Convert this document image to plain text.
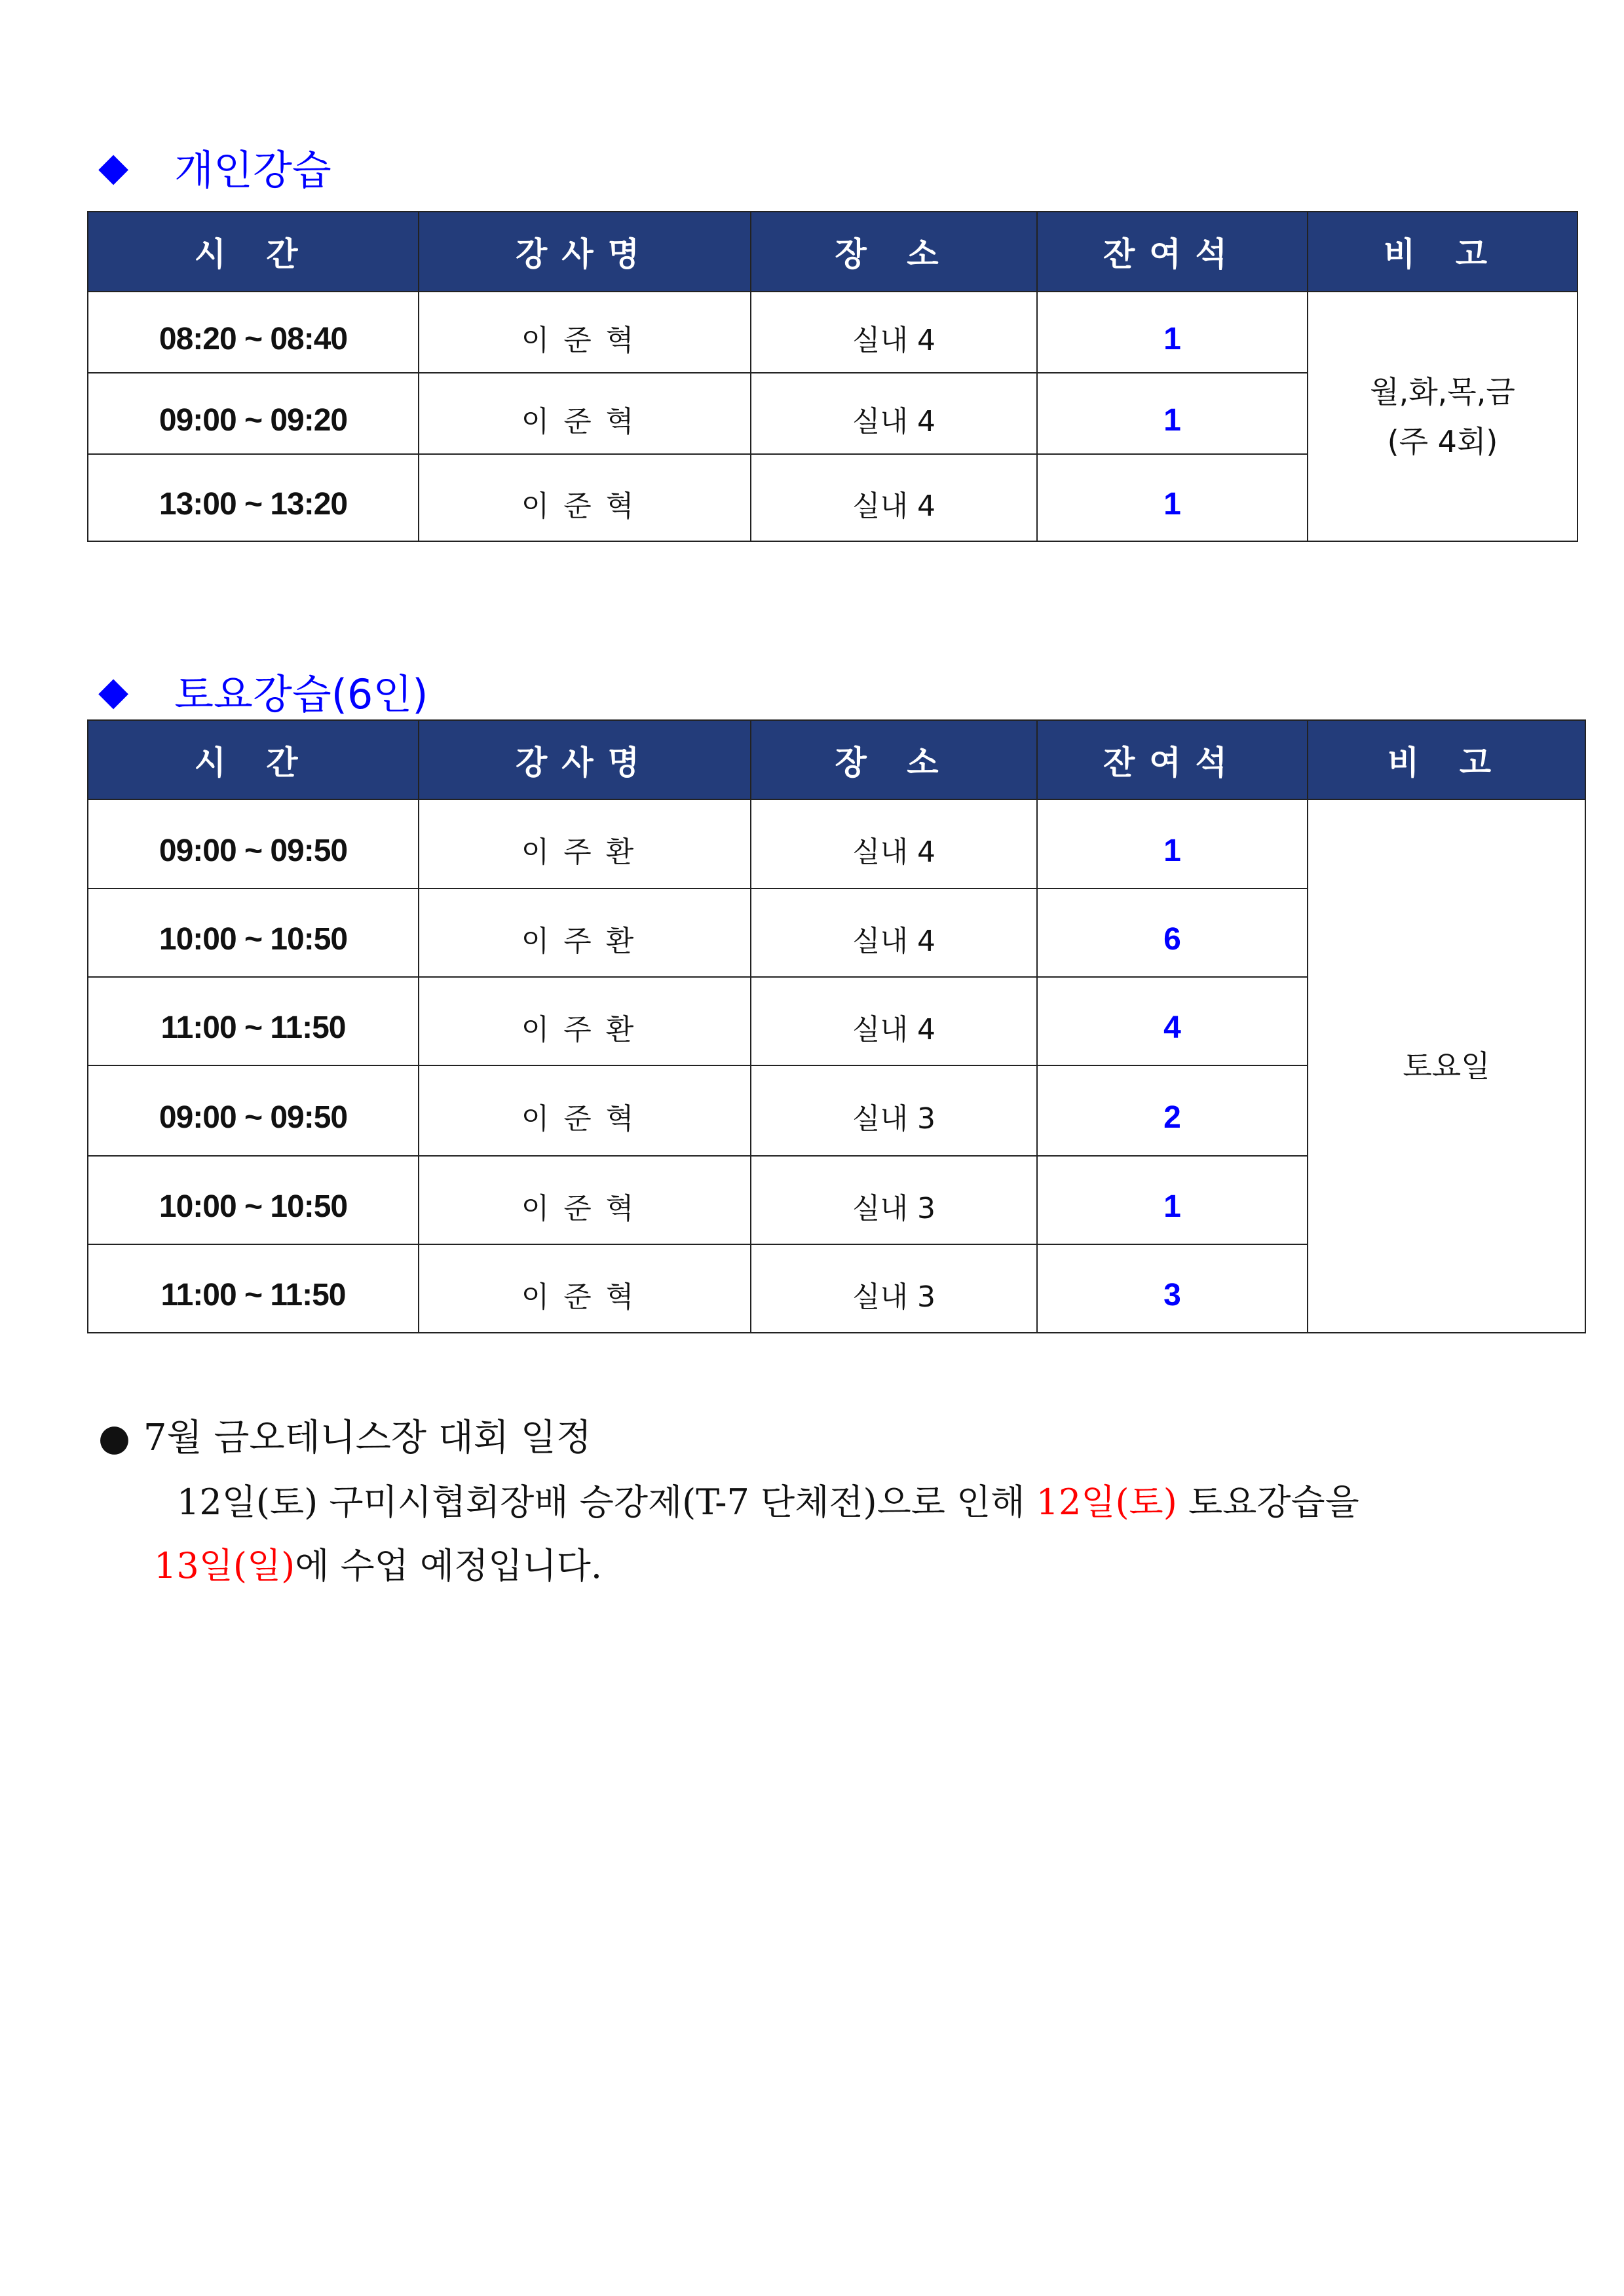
◆ 개인강습
시 간	강사명	장 소	잔여석	비 고
08:20 ~ 08:40	이준혁	실내 4	1	월,화,목,금
(주 4회)
09:00 ~ 09:20	이준혁	실내 4	1	
13:00 ~ 13:20	이준혁	실내 4	1	
◆ 토요강습(6인)
시 간	강사명	장 소	잔여석	비 고
09:00 ~ 09:50	이주환	실내 4	1	토요일
10:00 ~ 10:50	이주환	실내 4	6	
11:00 ~ 11:50	이주환	실내 4	4	
09:00 ~ 09:50	이준혁	실내 3	2	
10:00 ~ 10:50	이준혁	실내 3	1	
11:00 ~ 11:50	이준혁	실내 3	3	
● 7월 금오테니스장 대회 일정
12일(토) 구미시협회장배 승강제(T-7 단체전)으로 인해 12일(토) 토요강습을
13일(일)에 수업 예정입니다.
